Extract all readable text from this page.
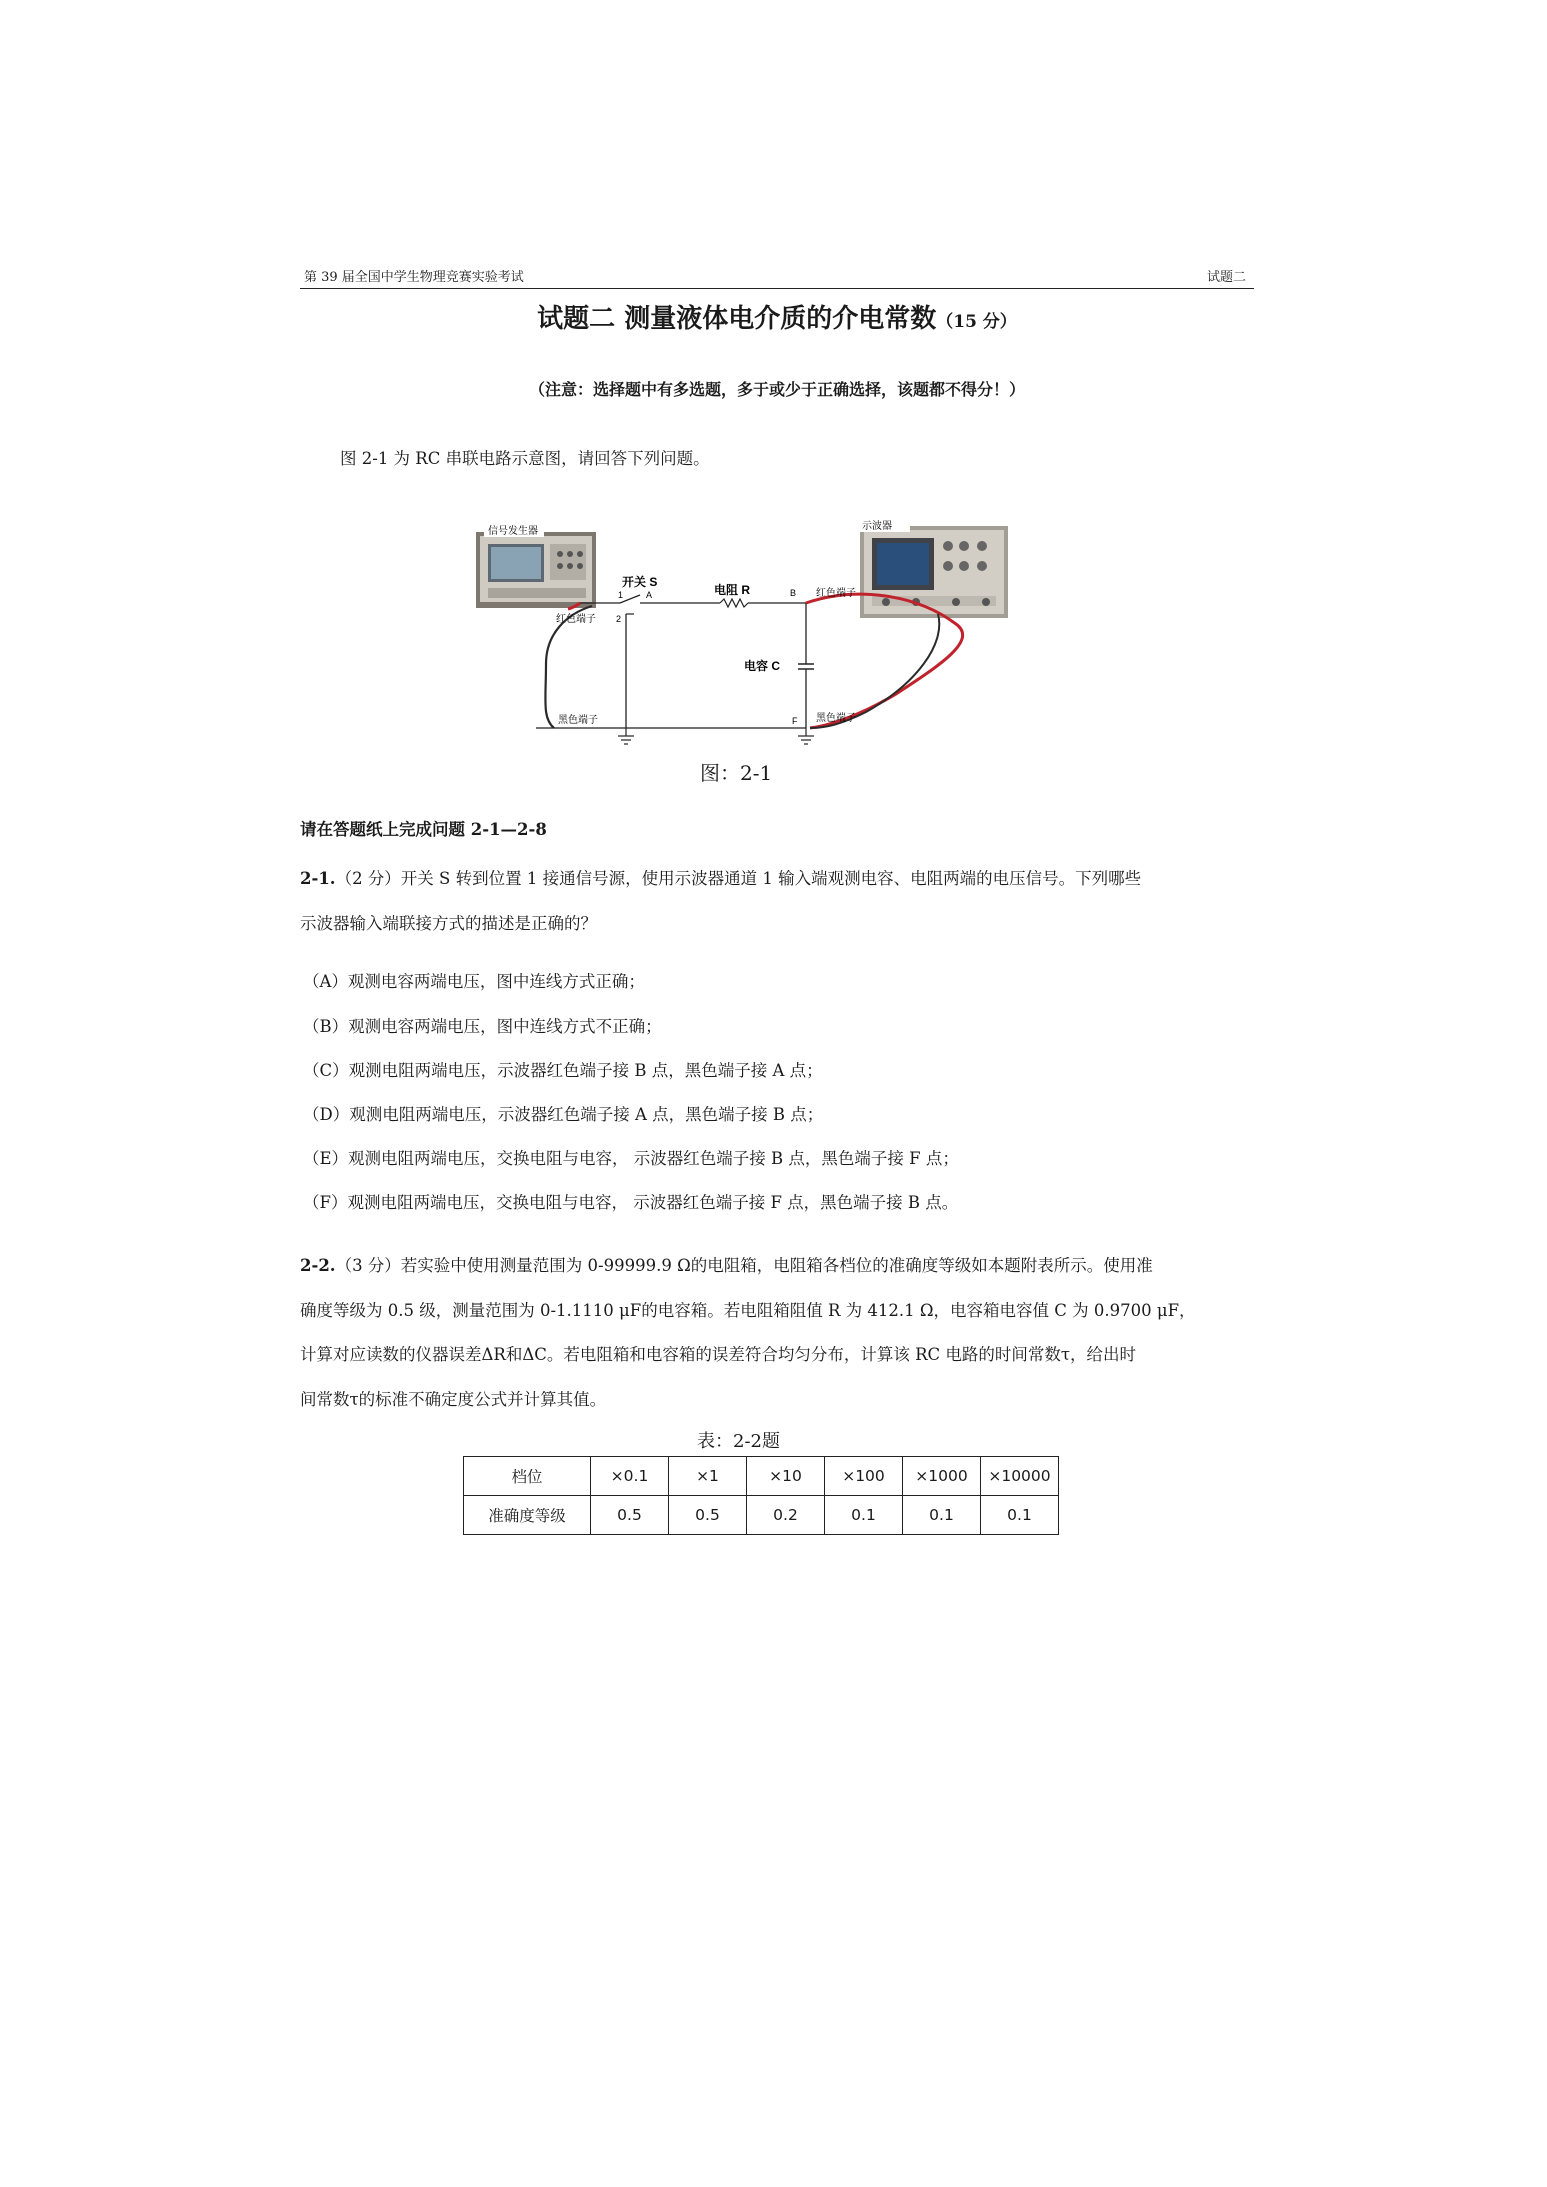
第 39 届全国中学生物理竞赛实验考试	试题二
试题二 测量液体电介质的介电常数（15 分）
（注意：选择题中有多选题，多于或少于正确选择，该题都不得分！）
图 2-1 为 RC 串联电路示意图，请回答下列问题。
信号发生器	示波器
开关 S
1
2
A	电阻 R	B 红色端子
红色端子
电容 C
黑色端子	F 黑色端子
图：2-1
请在答题纸上完成问题 2-1—2-8
2-1.（2 分）开关 S 转到位置 1 接通信号源，使用示波器通道 1 输入端观测电容、电阻两端的电压信号。下列哪些
示波器输入端联接方式的描述是正确的？
（A）观测电容两端电压，图中连线方式正确；
（B）观测电容两端电压，图中连线方式不正确；
（C）观测电阻两端电压，示波器红色端子接 B 点，黑色端子接 A 点；
（D）观测电阻两端电压，示波器红色端子接 A 点，黑色端子接 B 点；
（E）观测电阻两端电压，交换电阻与电容， 示波器红色端子接 B 点，黑色端子接 F 点；
（F）观测电阻两端电压，交换电阻与电容， 示波器红色端子接 F 点，黑色端子接 B 点。
2-2.（3 分）若实验中使用测量范围为 0-99999.9 Ω的电阻箱，电阻箱各档位的准确度等级如本题附表所示。使用准
确度等级为 0.5 级，测量范围为 0-1.1110 μF的电容箱。若电阻箱阻值 R 为 412.1 Ω，电容箱电容值 C 为 0.9700 μF，
计算对应读数的仪器误差ΔR和ΔC。若电阻箱和电容箱的误差符合均匀分布，计算该 RC 电路的时间常数τ，给出时
间常数τ的标准不确定度公式并计算其值。
表：2-2题
档位	×0.1	×1	×10	×100	×1000	×10000
准确度等级	0.5	0.5	0.2	0.1	0.1	0.1
